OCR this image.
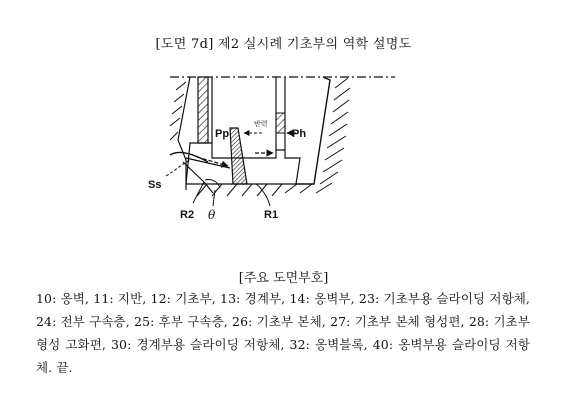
[도면 7d] 제2 실시례 기초부의 역학 설명도
Pp
반력
Ph
Ss
R2 θ	R1
[주요 도면부호]
10: 옹벽, 11: 지반, 12: 기초부, 13: 경계부, 14: 옹벽부, 23: 기초부용 슬라이딩 저항체, 24: 전부 구속층, 25: 후부 구속층, 26: 기초부 본체, 27: 기초부 본체 형성편, 28: 기초부 형성 고화편, 30: 경계부용 슬라이딩 저항체, 32: 옹벽블록, 40: 옹벽부용 슬라이딩 저항체. 끝.
